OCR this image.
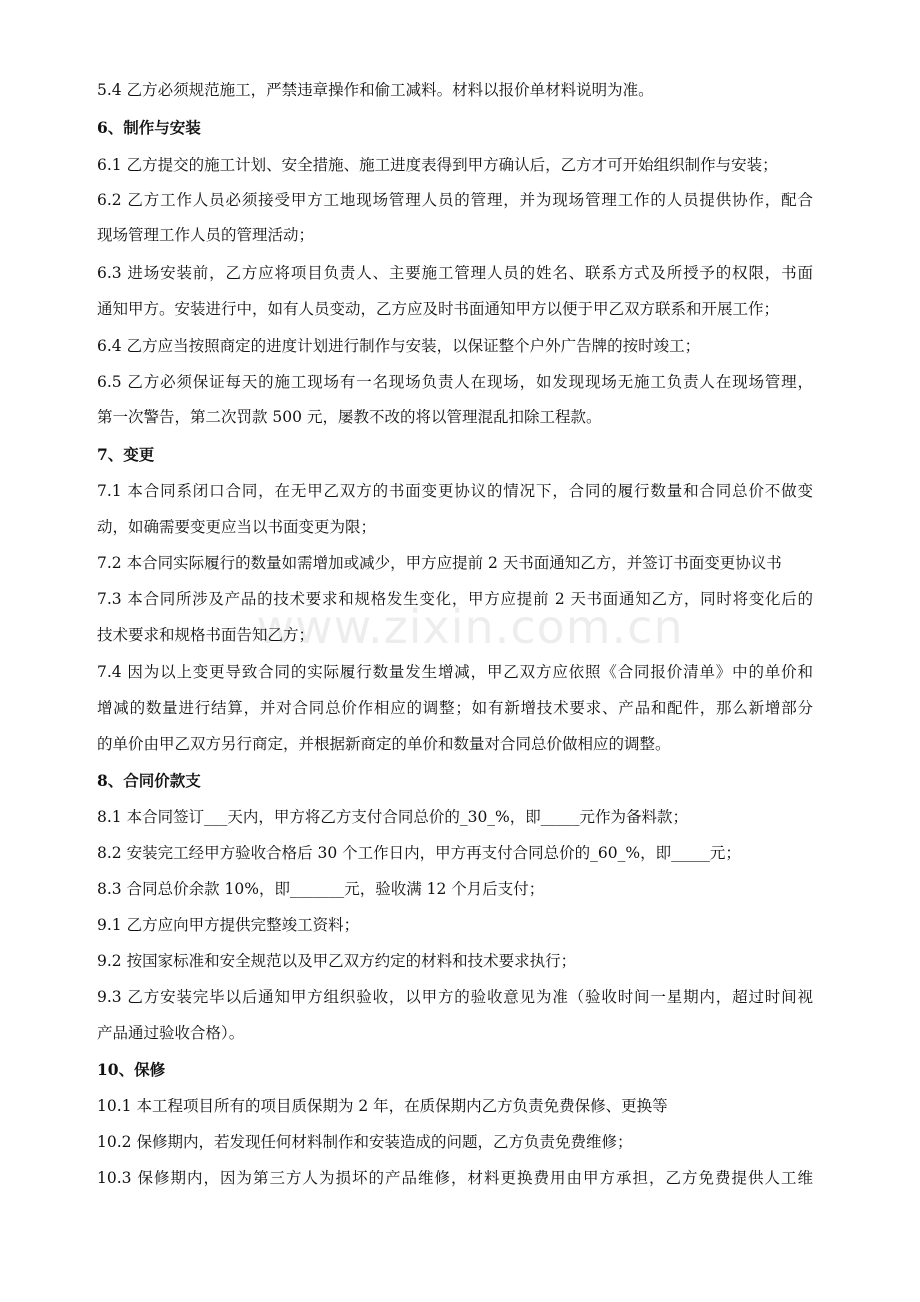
www.zixin.com.cn
5.4 乙方必须规范施工，严禁违章操作和偷工减料。材料以报价单材料说明为准。
6、制作与安装
6.1 乙方提交的施工计划、安全措施、施工进度表得到甲方确认后，乙方才可开始组织制作与安装；
6.2 乙方工作人员必须接受甲方工地现场管理人员的管理，并为现场管理工作的人员提供协作，配合
现场管理工作人员的管理活动；
6.3 进场安装前，乙方应将项目负责人、主要施工管理人员的姓名、联系方式及所授予的权限，书面
通知甲方。安装进行中，如有人员变动，乙方应及时书面通知甲方以便于甲乙双方联系和开展工作；
6.4 乙方应当按照商定的进度计划进行制作与安装，以保证整个户外广告牌的按时竣工；
6.5 乙方必须保证每天的施工现场有一名现场负责人在现场，如发现现场无施工负责人在现场管理，
第一次警告，第二次罚款 500 元，屡教不改的将以管理混乱扣除工程款。
7、变更
7.1 本合同系闭口合同，在无甲乙双方的书面变更协议的情况下，合同的履行数量和合同总价不做变
动，如确需要变更应当以书面变更为限；
7.2 本合同实际履行的数量如需增加或减少，甲方应提前 2 天书面通知乙方，并签订书面变更协议书
7.3 本合同所涉及产品的技术要求和规格发生变化，甲方应提前 2 天书面通知乙方，同时将变化后的
技术要求和规格书面告知乙方；
7.4 因为以上变更导致合同的实际履行数量发生增减，甲乙双方应依照《合同报价清单》中的单价和
增减的数量进行结算，并对合同总价作相应的调整；如有新增技术要求、产品和配件，那么新增部分
的单价由甲乙双方另行商定，并根据新商定的单价和数量对合同总价做相应的调整。
8、合同价款支
8.1 本合同签订___天内，甲方将乙方支付合同总价的_30_%，即_____元作为备料款；
8.2 安装完工经甲方验收合格后 30 个工作日内，甲方再支付合同总价的_60_%，即_____元；
8.3 合同总价余款 10%，即_______元，验收满 12 个月后支付；
9.1 乙方应向甲方提供完整竣工资料；
9.2 按国家标准和安全规范以及甲乙双方约定的材料和技术要求执行；
9.3 乙方安装完毕以后通知甲方组织验收，以甲方的验收意见为准（验收时间一星期内，超过时间视
产品通过验收合格）。
10、保修
10.1 本工程项目所有的项目质保期为 2 年，在质保期内乙方负责免费保修、更换等
10.2 保修期内，若发现任何材料制作和安装造成的问题，乙方负责免费维修；
10.3 保修期内，因为第三方人为损坏的产品维修，材料更换费用由甲方承担，乙方免费提供人工维
